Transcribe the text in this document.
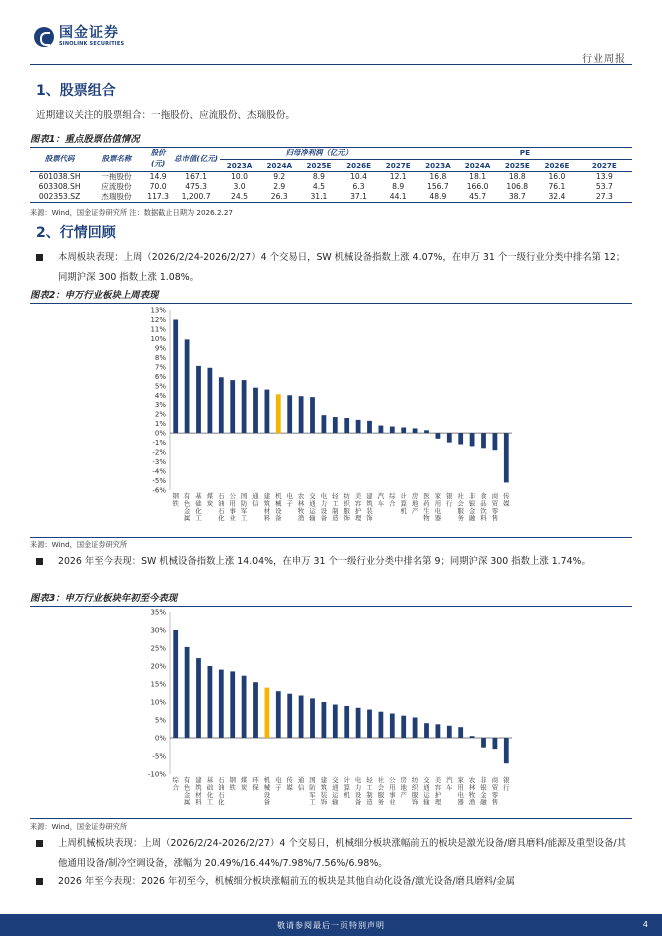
国金证券
SINOLINK SECURITIES
行业周报
1、股票组合
近期建议关注的股票组合：一拖股份、应流股份、杰瑞股份。
图表1：重点股票估值情况
股票代码	股票名称	股价(元)	总市值(亿元)	归母净利润（亿元）					PE				
				2023A	2024A	2025E	2026E	2027E	2023A	2024A	2025E	2026E	2027E
601038.SH	一拖股份	14.9	167.1	10.0	9.2	8.9	10.4	12.1	16.8	18.1	18.8	16.0	13.9
603308.SH	应流股份	70.0	475.3	3.0	2.9	4.5	6.3	8.9	156.7	166.0	106.8	76.1	53.7
002353.SZ	杰瑞股份	117.3	1,200.7	24.5	26.3	31.1	37.1	44.1	48.9	45.7	38.7	32.4	27.3
来源：Wind，国金证券研究所 注：数据截止日期为 2026.2.27
2、行情回顾
本周板块表现：上周（2026/2/24-2026/2/27）4 个交易日，SW 机械设备指数上涨 4.07%，在申万 31 个一级行业分类中排名第 12；同期沪深 300 指数上涨 1.08%。
图表2：申万行业板块上周表现
-6%
-5%
-4%
-3%
-2%
-1%
0%
1%
2%
3%
4%
5%
6%
7%
8%
9%
10%
11%
12%
13%
钢铁
有色金属
基础化工
煤炭
石油石化
公用事业
国防军工
通信
建筑材料
机械设备
电子
农林牧渔
交通运输
电力设备
轻工制造
纺织服饰
美容护理
建筑装饰
汽车
综合
计算机
房地产
医药生物
家用电器
银行
社会服务
非银金融
食品饮料
商贸零售
传媒
来源：Wind，国金证券研究所
2026 年至今表现：SW 机械设备指数上涨 14.04%，在申万 31 个一级行业分类中排名第 9；同期沪深 300 指数上涨 1.74%。
图表3：申万行业板块年初至今表现
-10%
-5%
0%
5%
10%
15%
20%
25%
30%
35%
综合
有色金属
建筑材料
基础化工
石油石化
钢铁
煤炭
环保
机械设备
电子
传媒
通信
国防军工
建筑装饰
交通运输
计算机
电力设备
轻工制造
社会服务
公用事业
房地产
纺织服饰
交通运输
美容护理
汽车
家用电器
农林牧渔
非银金融
商贸零售
银行
来源：Wind，国金证券研究所
上周机械板块表现：上周（2026/2/24-2026/2/27）4 个交易日，机械细分板块涨幅前五的板块是激光设备/磨具磨料/能源及重型设备/其他通用设备/制冷空调设备，涨幅为 20.49%/16.44%/7.98%/7.56%/6.98%。
2026 年至今表现：2026 年初至今，机械细分板块涨幅前五的板块是其他自动化设备/激光设备/磨具磨料/金属
敬请参阅最后一页特别声明	4
